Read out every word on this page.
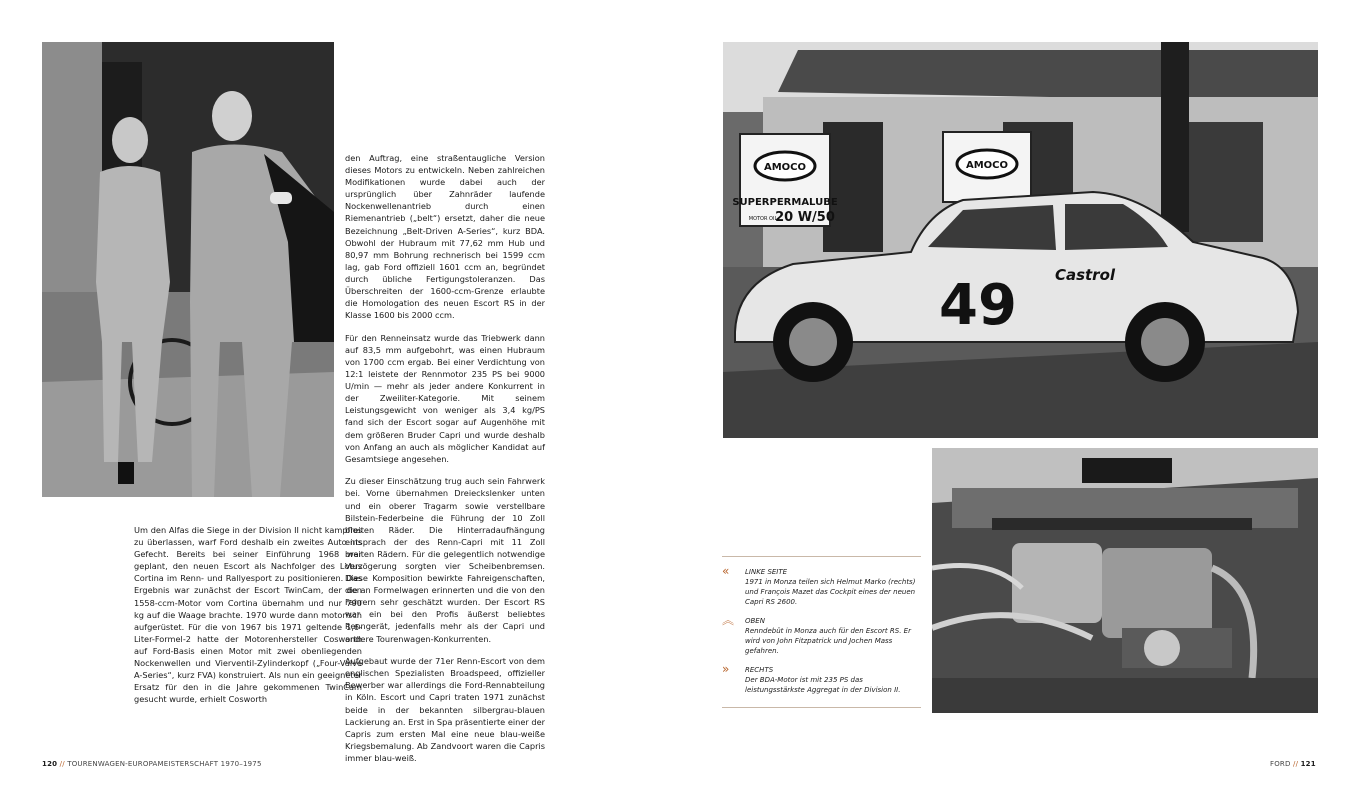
Um den Alfas die Siege in der Division II nicht kampflos zu überlassen, warf Ford deshalb ein zweites Auto ins Gefecht. Bereits bei seiner Einführung 1968 war geplant, den neuen Escort als Nachfolger des Lotus Cortina im Renn- und Rallyesport zu positionieren. Das Ergebnis war zunächst der Escort TwinCam, der den 1558-ccm-Motor vom Cortina übernahm und nur 790 kg auf die Waage brachte. 1970 wurde dann motorisch aufgerüstet. Für die von 1967 bis 1971 geltende 1,6-Liter-Formel-2 hatte der Motorenhersteller Cosworth auf Ford-Basis einen Motor mit zwei obenliegenden Nockenwellen und Vierventil-Zylinderkopf („Four-Valve A-Series“, kurz FVA) konstruiert. Als nun ein geeigneter Ersatz für den in die Jahre gekommenen TwinCam gesucht wurde, erhielt Cosworth

den Auftrag, eine straßentaugliche Version dieses Motors zu entwickeln. Neben zahlreichen Modifikationen wurde dabei auch der ursprünglich über Zahnräder laufende Nockenwellenantrieb durch einen Riemenantrieb („belt“) ersetzt, daher die neue Bezeichnung „Belt-Driven A-Series“, kurz BDA. Obwohl der Hubraum mit 77,62 mm Hub und 80,97 mm Bohrung rechnerisch bei 1599 ccm lag, gab Ford offiziell 1601 ccm an, begründet durch übliche Fertigungstoleranzen. Das Überschreiten der 1600-ccm-Grenze erlaubte die Homologation des neuen Escort RS in der Klasse 1600 bis 2000 ccm.

Für den Renneinsatz wurde das Triebwerk dann auf 83,5 mm aufgebohrt, was einen Hubraum von 1700 ccm ergab. Bei einer Verdichtung von 12:1 leistete der Rennmotor 235 PS bei 9000 U/min — mehr als jeder andere Konkurrent in der Zweiliter-Kategorie. Mit seinem Leistungsgewicht von weniger als 3,4 kg/PS fand sich der Escort sogar auf Augenhöhe mit dem größeren Bruder Capri und wurde deshalb von Anfang an auch als möglicher Kandidat auf Gesamtsiege angesehen.

Zu dieser Einschätzung trug auch sein Fahrwerk bei. Vorne übernahmen Dreieckslenker unten und ein oberer Tragarm sowie verstellbare Bilstein-Federbeine die Führung der 10 Zoll breiten Räder. Die Hinterradaufhängung entsprach der des Renn-Capri mit 11 Zoll breiten Rädern. Für die gelegentlich notwendige Verzögerung sorgten vier Scheibenbremsen. Diese Komposition bewirkte Fahreigenschaften, die an Formelwagen erinnerten und die von den Fahrern sehr geschätzt wurden. Der Escort RS war ein bei den Profis äußerst beliebtes Renngerät, jedenfalls mehr als der Capri und andere Tourenwagen-Konkurrenten.

Aufgebaut wurde der 71er Renn-Escort von dem englischen Spezialisten Broadspeed, offizieller Bewerber war allerdings die Ford-Rennabteilung in Köln. Escort und Capri traten 1971 zunächst beide in der bekannten silbergrau-blauen Lackierung an. Erst in Spa präsentierte einer der Capris zum ersten Mal eine neue blau-weiße Kriegsbemalung. Ab Zandvoort waren die Capris immer blau-weiß.

120 // TOURENWAGEN-EUROPAMEISTERSCHAFT 1970–1975
AMOCO
SUPERPERMALUBE
MOTOR OIL
20 W/50
AMOCO
49	Castrol
FORD // 121
« LINKE SEITE
1971 in Monza teilen sich Helmut Marko (rechts) und François Mazet das Cockpit eines der neuen Capri RS 2600.
︽ OBEN
Renndebüt in Monza auch für den Escort RS. Er wird von John Fitzpatrick und Jochen Mass gefahren.
» RECHTS
Der BDA-Motor ist mit 235 PS das leistungsstärkste Aggregat in der Division II.
